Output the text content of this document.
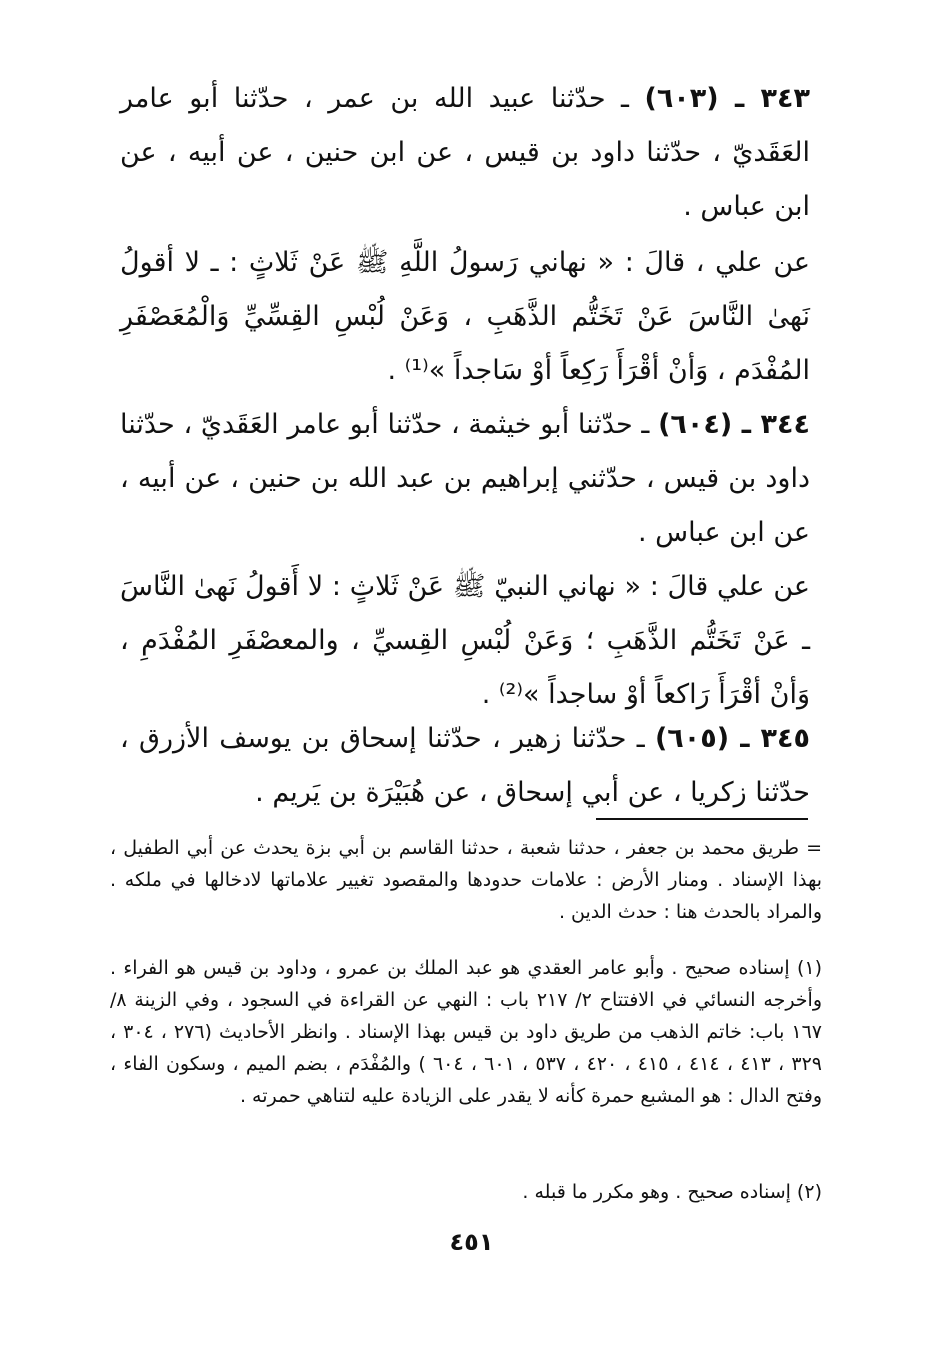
٣٤٣ ـ (٦٠٣) ـ حدّثنا عبيد الله بن عمر ، حدّثنا أبو عامر العَقَديّ ، حدّثنا داود بن قيس ، عن ابن حنين ، عن أبيه ، عن ابن عباس .
عن علي ، قالَ : « نهاني رَسولُ اللَّهِ ﷺ عَنْ ثَلاثٍ : ـ لا أقولُ نَهىٰ النَّاسَ عَنْ تَخَتُّم الذَّهَبِ ، وَعَنْ لُبْسِ القِسِّيِّ وَالْمُعَصْفَرِ المُفْدَم ، وَأنْ أقْرَأَ رَكِعاً أوْ سَاجداً »⁽¹⁾ .
٣٤٤ ـ (٦٠٤) ـ حدّثنا أبو خيثمة ، حدّثنا أبو عامر العَقَديّ ، حدّثنا داود بن قيس ، حدّثني إبراهيم بن عبد الله بن حنين ، عن أبيه ، عن ابن عباس .
عن علي قالَ : « نهاني النبيّ ﷺ عَنْ ثَلاثٍ : لا أَقولُ نَهىٰ النَّاسَ ـ عَنْ تَخَتُّم الذَّهَبِ ؛ وَعَنْ لُبْسِ القِسيِّ ، والمعصْفَرِ المُفْدَمِ ، وَأنْ أقْرَأَ رَاكعاً أوْ ساجداً »⁽²⁾ .
٣٤٥ ـ (٦٠٥) ـ حدّثنا زهير ، حدّثنا إسحاق بن يوسف الأزرق ، حدّثنا زكريا ، عن أبي إسحاق ، عن هُبَيْرَة بن يَريم .
= طريق محمد بن جعفر ، حدثنا شعبة ، حدثنا القاسم بن أبي بزة يحدث عن أبي الطفيل ، بهذا الإسناد . ومنار الأرض : علامات حدودها والمقصود تغيير علاماتها لادخالها في ملكه . والمراد بالحدث هنا : حدث الدين .
(١) إسناده صحيح . وأبو عامر العقدي هو عبد الملك بن عمرو ، وداود بن قيس هو الفراء . وأخرجه النسائي في الافتتاح ٢/ ٢١٧ باب : النهي عن القراءة في السجود ، وفي الزينة ٨/ ١٦٧ باب: خاتم الذهب من طريق داود بن قيس بهذا الإسناد . وانظر الأحاديث (٢٧٦ ، ٣٠٤ ، ٣٢٩ ، ٤١٣ ، ٤١٤ ، ٤١٥ ، ٤٢٠ ، ٥٣٧ ، ٦٠١ ، ٦٠٤ ) والمُفْدَم ، بضم الميم ، وسكون الفاء ، وفتح الدال : هو المشبع حمرة كأنه لا يقدر على الزيادة عليه لتناهي حمرته .
(٢) إسناده صحيح . وهو مكرر ما قبله .
٤٥١
